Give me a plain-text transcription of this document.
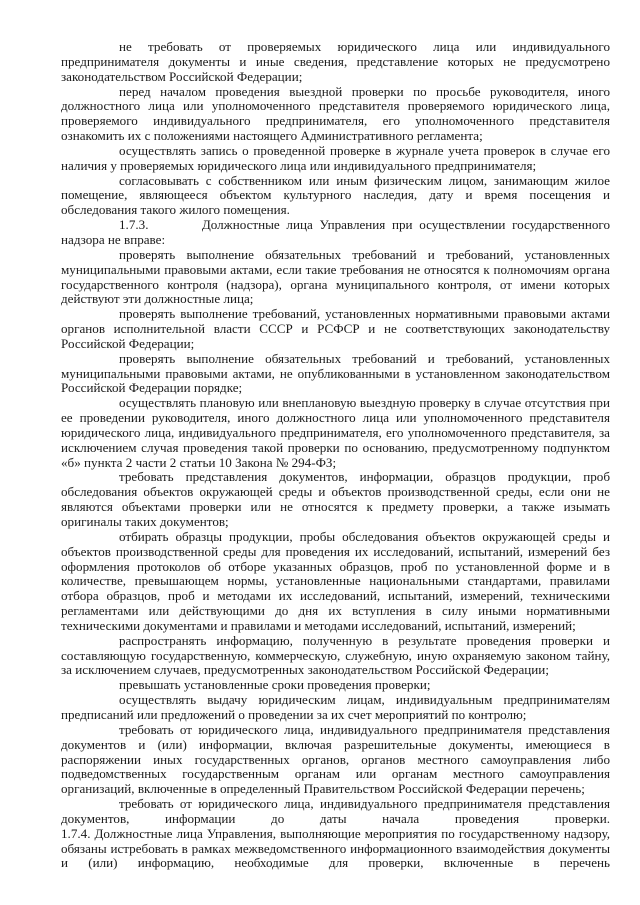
не требовать от проверяемых юридического лица или индивидуального предпринимателя документы и иные сведения, представление которых не предусмотрено законодательством Российской Федерации;

перед началом проведения выездной проверки по просьбе руководителя, иного должностного лица или уполномоченного представителя проверяемого юридического лица, проверяемого индивидуального предпринимателя, его уполномоченного представителя ознакомить их с положениями настоящего Административного регламента;

осуществлять запись о проведенной проверке в журнале учета проверок в случае его наличия у проверяемых юридического лица или индивидуального предпринимателя;

согласовывать с собственником или иным физическим лицом, занимающим жилое помещение, являющееся объектом культурного наследия, дату и время посещения и обследования такого жилого помещения.

1.7.3.        Должностные лица Управления при осуществлении государственного надзора не вправе:

проверять выполнение обязательных требований и требований, установленных муниципальными правовыми актами, если такие требования не относятся к полномочиям органа государственного контроля (надзора), органа муниципального контроля, от имени которых действуют эти должностные лица;

проверять выполнение требований, установленных нормативными правовыми актами органов исполнительной власти СССР и РСФСР и не соответствующих законодательству Российской Федерации;

проверять выполнение обязательных требований и требований, установленных муниципальными правовыми актами, не опубликованными в установленном законодательством Российской Федерации порядке;

осуществлять плановую или внеплановую выездную проверку в случае отсутствия при ее проведении руководителя, иного должностного лица или уполномоченного представителя юридического лица, индивидуального предпринимателя, его уполномоченного представителя, за исключением случая проведения такой проверки по основанию, предусмотренному подпунктом «б» пункта 2 части 2 статьи 10 Закона № 294-ФЗ;

требовать представления документов, информации, образцов продукции, проб обследования объектов окружающей среды и объектов производственной среды, если они не являются объектами проверки или не относятся к предмету проверки, а также изымать оригиналы таких документов;

отбирать образцы продукции, пробы обследования объектов окружающей среды и объектов производственной среды для проведения их исследований, испытаний, измерений без оформления протоколов об отборе указанных образцов, проб по установленной форме и в количестве, превышающем нормы, установленные национальными стандартами, правилами отбора образцов, проб и методами их исследований, испытаний, измерений, техническими регламентами или действующими до дня их вступления в силу иными нормативными техническими документами и правилами и методами исследований, испытаний, измерений;

распространять информацию, полученную в результате проведения проверки и составляющую государственную, коммерческую, служебную, иную охраняемую законом тайну, за исключением случаев, предусмотренных законодательством Российской Федерации;

превышать установленные сроки проведения проверки;

осуществлять выдачу юридическим лицам, индивидуальным предпринимателям предписаний или предложений о проведении за их счет мероприятий по контролю;

требовать от юридического лица, индивидуального предпринимателя представления документов и (или) информации, включая разрешительные документы, имеющиеся в распоряжении иных государственных органов, органов местного самоуправления либо подведомственных государственным органам или органам местного самоуправления организаций, включенные в определенный Правительством Российской Федерации перечень;

требовать от юридического лица, индивидуального предпринимателя представления документов, информации до даты начала проведения проверки.

1.7.4. Должностные лица Управления, выполняющие мероприятия по государственному надзору, обязаны истребовать в рамках межведомственного информационного взаимодействия документы и (или) информацию, необходимые для проверки, включенные в перечень
